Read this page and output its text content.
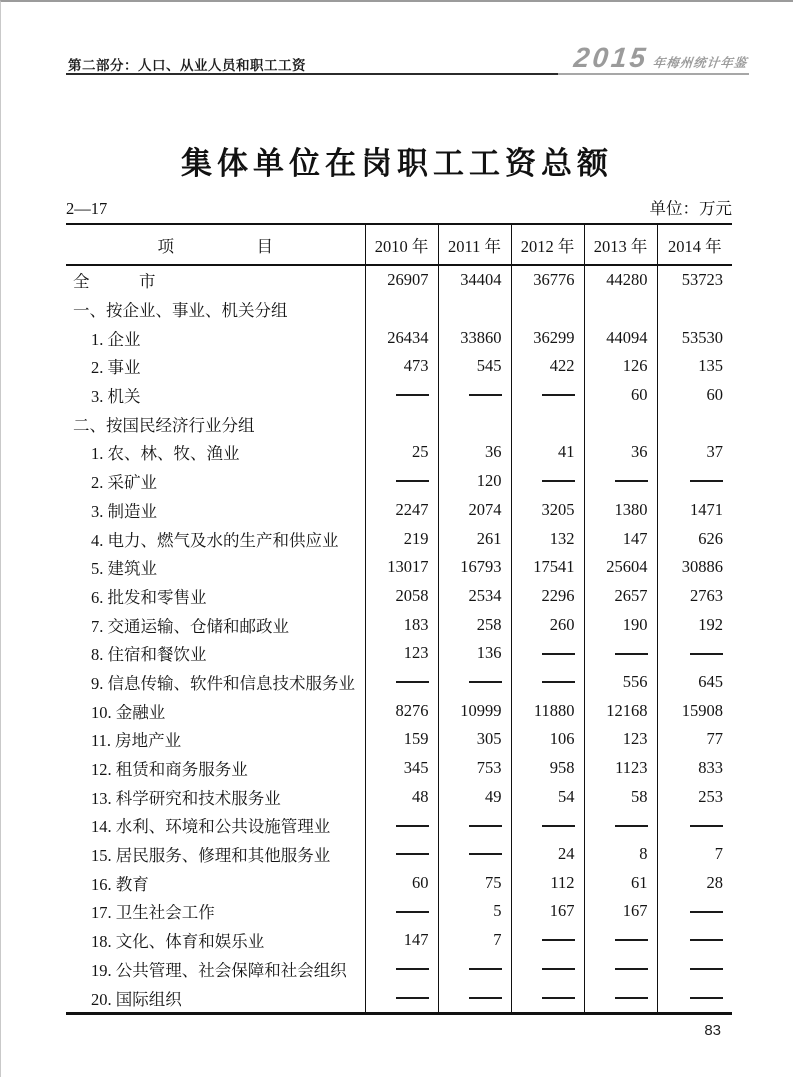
第二部分：人口、从业人员和职工工资	2015 年梅州统计年鉴
集体单位在岗职工工资总额
2—17	单位：万元
项　　　　　目	2010 年	2011 年	2012 年	2013 年	2014 年
全　　　市	26907	34404	36776	44280	53723
一、按企业、事业、机关分组					
1. 企业	26434	33860	36299	44094	53530
2. 事业	473	545	422	126	135
3. 机关				60	60
二、按国民经济行业分组					
1. 农、林、牧、渔业	25	36	41	36	37
2. 采矿业		120			
3. 制造业	2247	2074	3205	1380	1471
4. 电力、燃气及水的生产和供应业	219	261	132	147	626
5. 建筑业	13017	16793	17541	25604	30886
6. 批发和零售业	2058	2534	2296	2657	2763
7. 交通运输、仓储和邮政业	183	258	260	190	192
8. 住宿和餐饮业	123	136			
9. 信息传输、软件和信息技术服务业				556	645
10. 金融业	8276	10999	11880	12168	15908
11. 房地产业	159	305	106	123	77
12. 租赁和商务服务业	345	753	958	1123	833
13. 科学研究和技术服务业	48	49	54	58	253
14. 水利、环境和公共设施管理业					
15. 居民服务、修理和其他服务业			24	8	7
16. 教育	60	75	112	61	28
17. 卫生社会工作		5	167	167	
18. 文化、体育和娱乐业	147	7			
19. 公共管理、社会保障和社会组织					
20. 国际组织					
83
